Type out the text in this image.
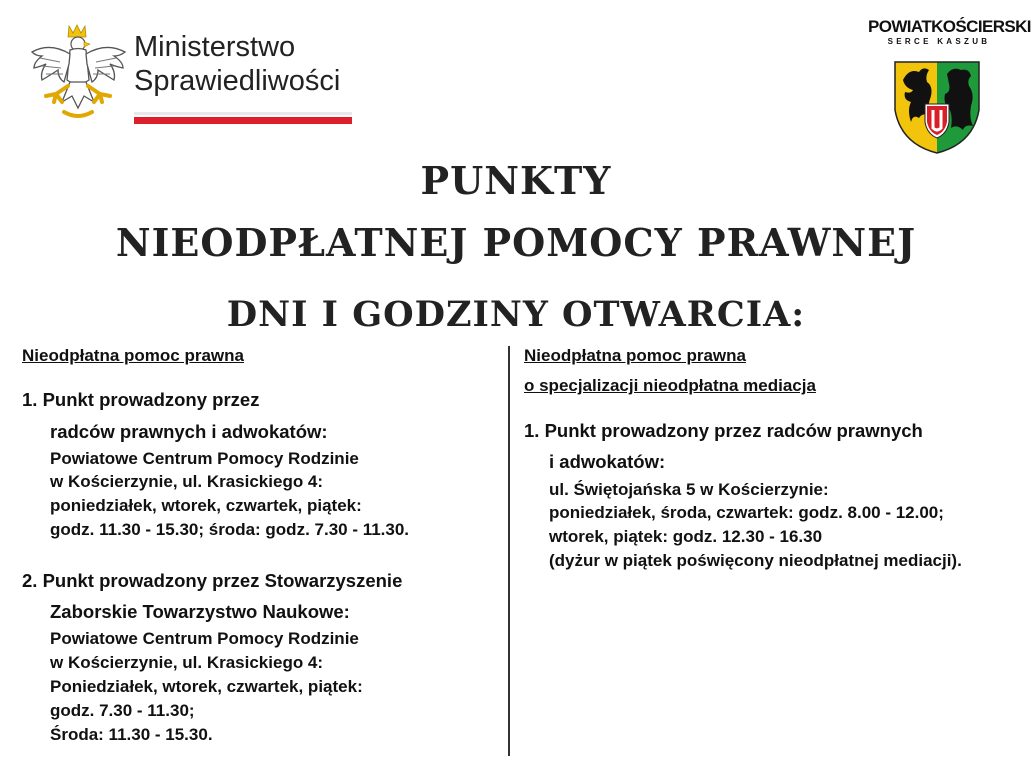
Ministerstwo
Sprawiedliwości
POWIATKOŚCIERSKI
SERCE KASZUB
PUNKTY
NIEODPŁATNEJ POMOCY PRAWNEJ
DNI I GODZINY OTWARCIA:
Nieodpłatna pomoc prawna
1. Punkt prowadzony przez
radców prawnych i adwokatów:
Powiatowe Centrum Pomocy Rodzinie
w Kościerzynie, ul. Krasickiego 4:
poniedziałek, wtorek, czwartek, piątek:
godz. 11.30 - 15.30; środa: godz. 7.30 - 11.30.
2. Punkt prowadzony przez Stowarzyszenie
Zaborskie Towarzystwo Naukowe:
Powiatowe Centrum Pomocy Rodzinie
w Kościerzynie, ul. Krasickiego 4:
Poniedziałek, wtorek, czwartek, piątek:
godz. 7.30 - 11.30;
Środa: 11.30 - 15.30.
Nieodpłatna pomoc prawna
o specjalizacji nieodpłatna mediacja
1. Punkt prowadzony przez radców prawnych
i adwokatów:
ul. Świętojańska 5 w Kościerzynie:
poniedziałek, środa, czwartek: godz. 8.00 - 12.00;
wtorek, piątek: godz. 12.30 - 16.30
(dyżur w piątek poświęcony nieodpłatnej mediacji).
